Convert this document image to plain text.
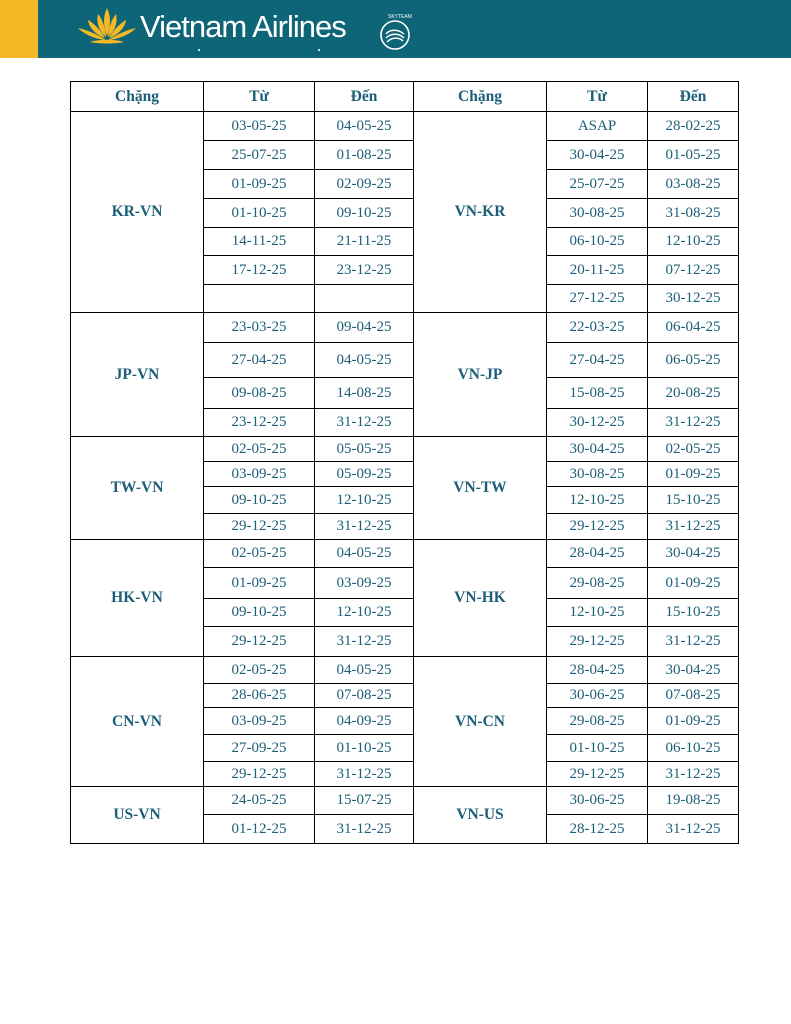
Vietnam Airlines	SKYTEAM
Chặng	Từ	Đến	Chặng	Từ	Đến
KR-VN	03-05-25	04-05-25	VN-KR	ASAP	28-02-25
	25-07-25	01-08-25		30-04-25	01-05-25
	01-09-25	02-09-25		25-07-25	03-08-25
	01-10-25	09-10-25		30-08-25	31-08-25
	14-11-25	21-11-25		06-10-25	12-10-25
	17-12-25	23-12-25		20-11-25	07-12-25
				27-12-25	30-12-25
JP-VN	23-03-25	09-04-25	VN-JP	22-03-25	06-04-25
	27-04-25	04-05-25		27-04-25	06-05-25
	09-08-25	14-08-25		15-08-25	20-08-25
	23-12-25	31-12-25		30-12-25	31-12-25
TW-VN	02-05-25	05-05-25	VN-TW	30-04-25	02-05-25
	03-09-25	05-09-25		30-08-25	01-09-25
	09-10-25	12-10-25		12-10-25	15-10-25
	29-12-25	31-12-25		29-12-25	31-12-25
HK-VN	02-05-25	04-05-25	VN-HK	28-04-25	30-04-25
	01-09-25	03-09-25		29-08-25	01-09-25
	09-10-25	12-10-25		12-10-25	15-10-25
	29-12-25	31-12-25		29-12-25	31-12-25
CN-VN	02-05-25	04-05-25	VN-CN	28-04-25	30-04-25
	28-06-25	07-08-25		30-06-25	07-08-25
	03-09-25	04-09-25		29-08-25	01-09-25
	27-09-25	01-10-25		01-10-25	06-10-25
	29-12-25	31-12-25		29-12-25	31-12-25
US-VN	24-05-25	15-07-25	VN-US	30-06-25	19-08-25
	01-12-25	31-12-25		28-12-25	31-12-25
